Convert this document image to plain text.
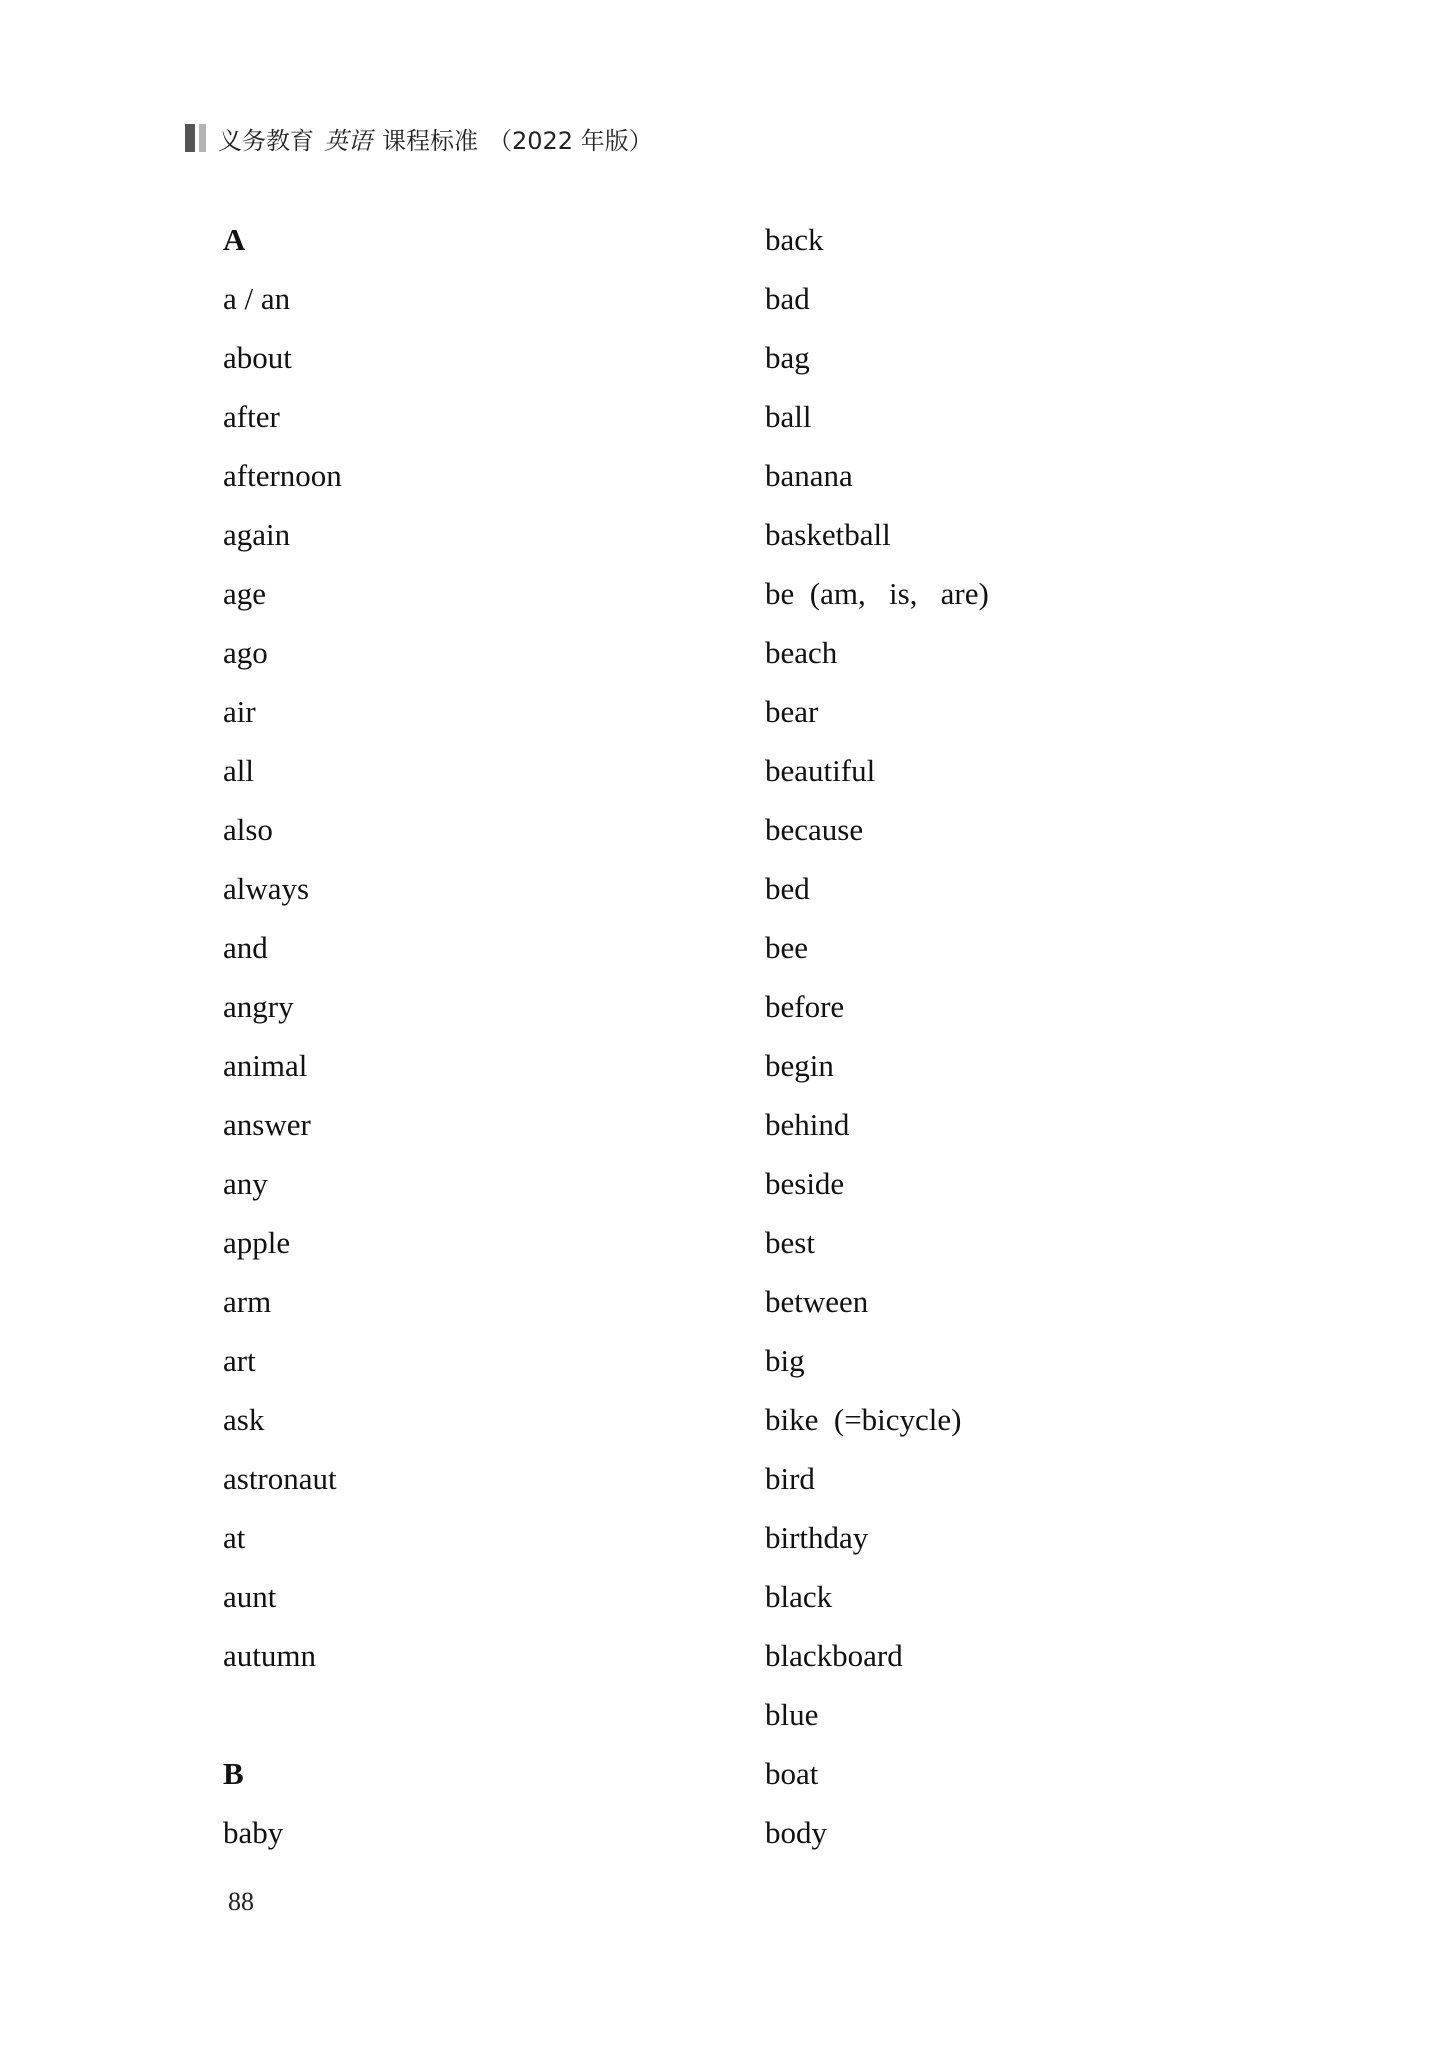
义务教育 英语 课程标准 （2022 年版）
A
a / an
about
after
afternoon
again
age
ago
air
all
also
always
and
angry
animal
answer
any
apple
arm
art
ask
astronaut
at
aunt
autumn
B
baby
back
bad
bag
ball
banana
basketball
be  (am,   is,   are)
beach
bear
beautiful
because
bed
bee
before
begin
behind
beside
best
between
big
bike  (=bicycle)
bird
birthday
black
blackboard
blue
boat
body
88
